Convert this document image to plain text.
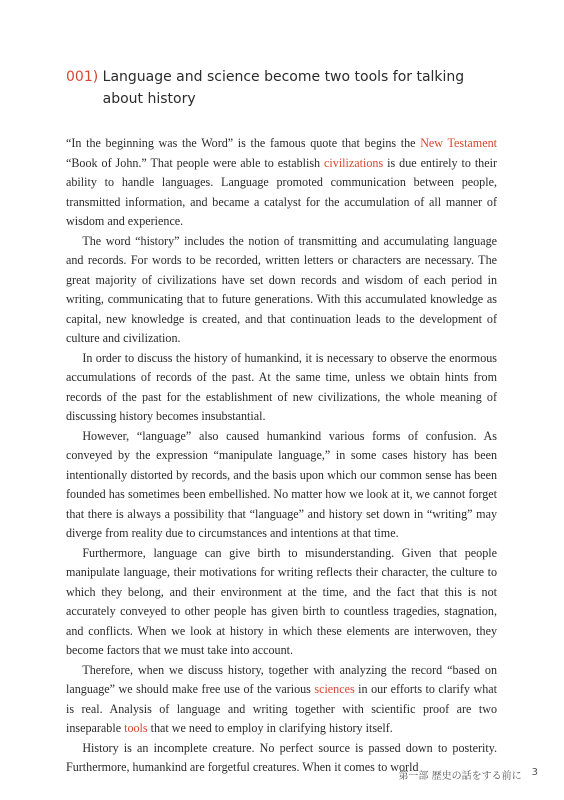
001)
Language and science become two tools for talking about history

“In the beginning was the Word” is the famous quote that begins the New Testament “Book of John.” That people were able to establish civilizations is due entirely to their ability to handle languages. Language promoted communication between people, transmitted information, and became a catalyst for the accumulation of all manner of wisdom and experience.

The word “history” includes the notion of transmitting and accumulating language and records. For words to be recorded, written letters or characters are necessary. The great majority of civilizations have set down records and wisdom of each period in writing, communicating that to future generations. With this accumulated knowledge as capital, new knowledge is created, and that continuation leads to the development of culture and civilization.

In order to discuss the history of humankind, it is necessary to observe the enormous accumulations of records of the past. At the same time, unless we obtain hints from records of the past for the establishment of new civilizations, the whole meaning of discussing history becomes insubstantial.

However, “language” also caused humankind various forms of confusion. As conveyed by the expression “manipulate language,” in some cases history has been intentionally distorted by records, and the basis upon which our common sense has been founded has sometimes been embellished. No matter how we look at it, we cannot forget that there is always a possibility that “language” and history set down in “writing” may diverge from reality due to circumstances and intentions at that time.

Furthermore, language can give birth to misunderstanding. Given that people manipulate language, their motivations for writing reflects their character, the culture to which they belong, and their environment at the time, and the fact that this is not accurately conveyed to other people has given birth to countless tragedies, stagnation, and conflicts. When we look at history in which these elements are interwoven, they become factors that we must take into account.

Therefore, when we discuss history, together with analyzing the record “based on language” we should make free use of the various sciences in our efforts to clarify what is real. Analysis of language and writing together with scientific proof are two inseparable tools that we need to employ in clarifying history itself.

History is an incomplete creature. No perfect source is passed down to posterity. Furthermore, humankind are forgetful creatures. When it comes to world

第一部 歴史の話をする前に 3
